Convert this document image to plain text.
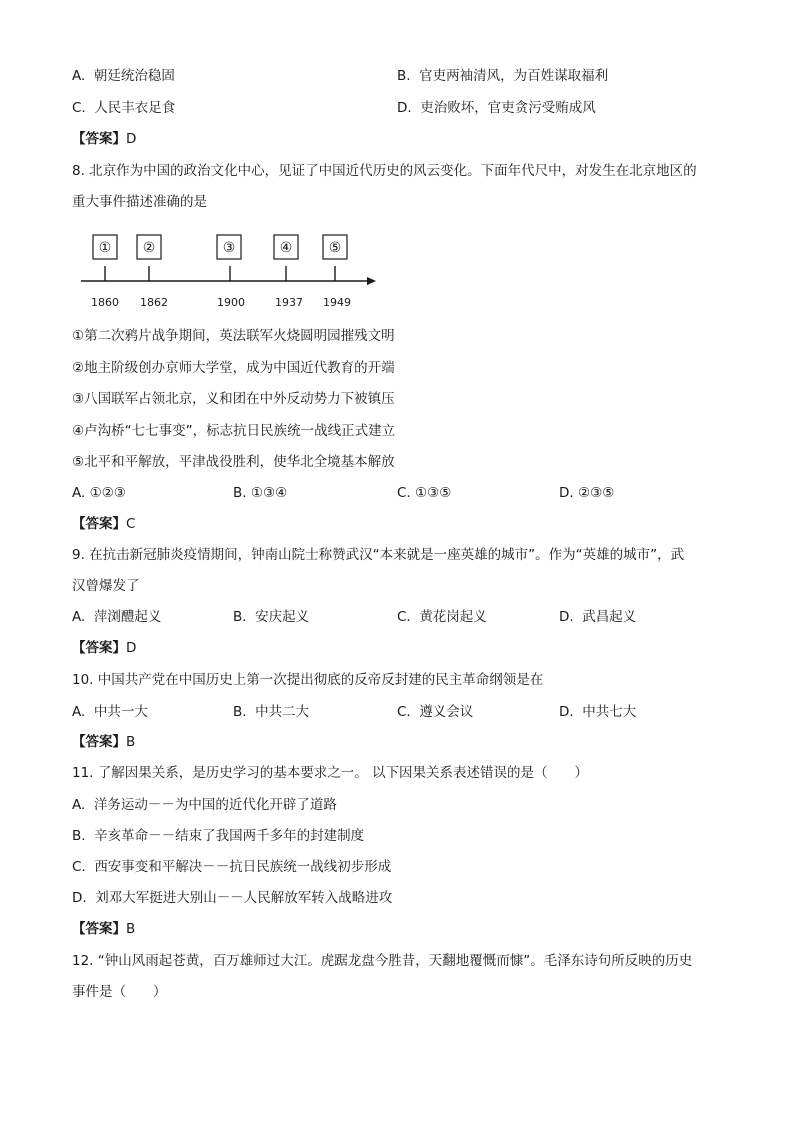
A. 朝廷统治稳固	B. 官吏两袖清风，为百姓谋取福利
C. 人民丰衣足食	D. 吏治败坏，官吏贪污受贿成风
【答案】D
8. 北京作为中国的政治文化中心，见证了中国近代历史的风云变化。下面年代尺中，对发生在北京地区的
重大事件描述准确的是
① ②	③	④	⑤
1860 1862	1900	1937 1949
①第二次鸦片战争期间，英法联军火烧圆明园摧残文明
②地主阶级创办京师大学堂，成为中国近代教育的开端
③八国联军占领北京，义和团在中外反动势力下被镇压
④卢沟桥“七七事变”，标志抗日民族统一战线正式建立
⑤北平和平解放，平津战役胜利，使华北全境基本解放
A. ①②③	B. ①③④	C. ①③⑤	D. ②③⑤
【答案】C
9. 在抗击新冠肺炎疫情期间，钟南山院士称赞武汉“本来就是一座英雄的城市”。作为“英雄的城市”，武
汉曾爆发了
A. 萍浏醴起义	B. 安庆起义	C. 黄花岗起义	D. 武昌起义
【答案】D
10. 中国共产党在中国历史上第一次提出彻底的反帝反封建的民主革命纲领是在
A. 中共一大	B. 中共二大	C. 遵义会议	D. 中共七大
【答案】B
11. 了解因果关系，是历史学习的基本要求之一。 以下因果关系表述错误的是（　　）
A. 洋务运动－－为中国的近代化开辟了道路
B. 辛亥革命－－结束了我国两千多年的封建制度
C. 西安事变和平解决－－抗日民族统一战线初步形成
D. 刘邓大军挺进大别山－－人民解放军转入战略进攻
【答案】B
12. “钟山风雨起苍黄，百万雄师过大江。虎踞龙盘今胜昔，天翻地覆慨而慷”。毛泽东诗句所反映的历史
事件是（　　）
